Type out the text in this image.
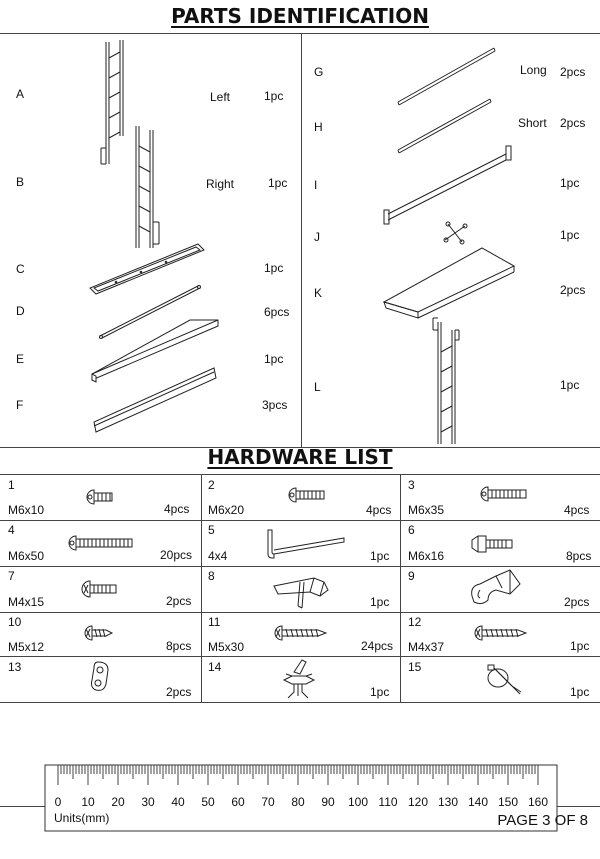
PARTS IDENTIFICATION
HARDWARE LIST
A	Left	1pc
B	Right	1pc
C	1pc
D	6pcs
E	1pc
F	3pcs
G	Long 2pcs
H	Short 2pcs
I	1pc
J	1pc
K	2pcs
L	1pc
1
M6x10	4pcs
2
M6x20	4pcs
3
M6x35	4pcs
4
M6x50	20pcs
5
4x4	1pc
6
M6x16	8pcs
7
M4x15	2pcs
8
1pc
9
2pcs
10
M5x12	8pcs
11
M5x30	24pcs
12
M4x37	1pc
13
2pcs
14
1pc
15
1pc
0	10	20	30	40	50	60	70	80	90	100 110 120 130 140 150 160
Units(mm)	PAGE 3 OF 8
